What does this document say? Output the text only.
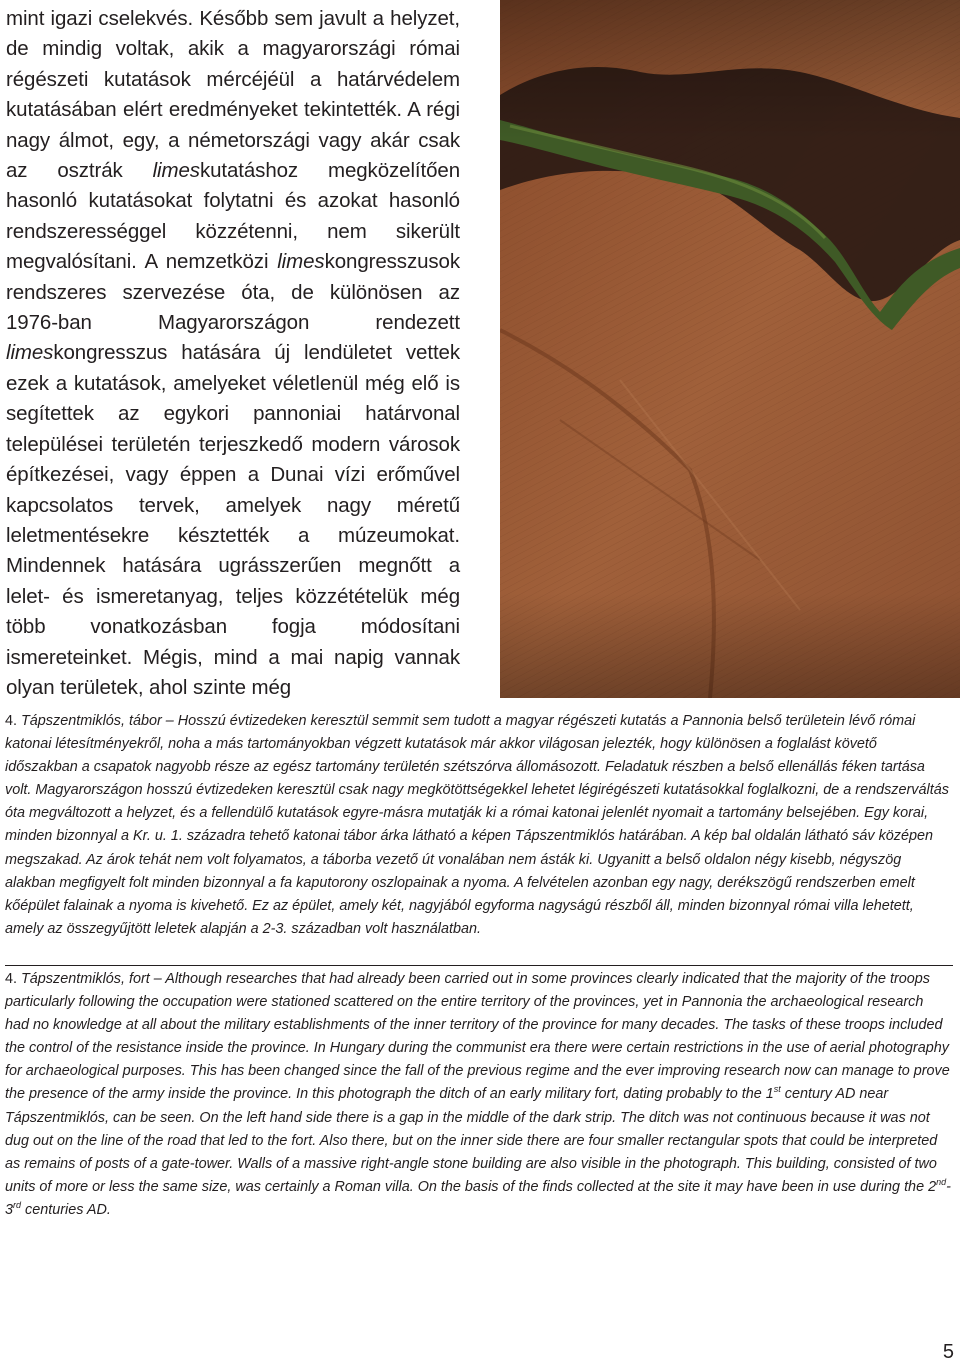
mint igazi cselekvés. Később sem javult a helyzet, de mindig voltak, akik a magyarországi római régészeti kutatások mércéjéül a határvédelem kutatásában elért eredményeket tekintették. A régi nagy álmot, egy, a németországi vagy akár csak az osztrák limeskutatáshoz megközelítően hasonló kutatásokat folytatni és azokat hasonló rendszerességgel közzétenni, nem sikerült megvalósítani. A nemzetközi limeskongresszusok rendszeres szervezése óta, de különösen az 1976-ban Magyarországon rendezett limeskongresszus hatására új lendületet vettek ezek a kutatások, amelyeket véletlenül még elő is segítettek az egykori pannoniai határvonal települései területén terjeszkedő modern városok építkezései, vagy éppen a Dunai vízi erőművel kapcsolatos tervek, amelyek nagy méretű leletmentésekre késztették a múzeumokat. Mindennek hatására ugrásszerűen megnőtt a lelet- és ismeretanyag, teljes közzétételük még több vonatkozásban fogja módosítani ismereteinket. Mégis, mind a mai napig vannak olyan területek, ahol szinte még

4. Tápszentmiklós, tábor – Hosszú évtizedeken keresztül semmit sem tudott a magyar régészeti kutatás a Pannonia belső területein lévő római katonai létesítményekről, noha a más tartományokban végzett kutatások már akkor világosan jelezték, hogy különösen a foglalást követő időszakban a csapatok nagyobb része az egész tartomány területén szétszórva állomásozott. Feladatuk részben a belső ellenállás féken tartása volt. Magyarországon hosszú évtizedeken keresztül csak nagy megkötöttségekkel lehetet légirégészeti kutatásokkal foglalkozni, de a rendszerváltás óta megváltozott a helyzet, és a fellendülő kutatások egyre-másra mutatják ki a római katonai jelenlét nyomait a tartomány belsejében. Egy korai, minden bizonnyal a Kr. u. 1. századra tehető katonai tábor árka látható a képen Tápszentmiklós határában. A kép bal oldalán látható sáv középen megszakad. Az árok tehát nem volt folyamatos, a táborba vezető út vonalában nem ásták ki. Ugyanitt a belső oldalon négy kisebb, négyszög alakban megfigyelt folt minden bizonnyal a fa kaputorony oszlopainak a nyoma. A felvételen azonban egy nagy, derékszögű rendszerben emelt kőépület falainak a nyoma is kivehető. Ez az épület, amely két, nagyjából egyforma nagyságú részből áll, minden bizonnyal római villa lehetett, amely az összegyűjtött leletek alapján a 2-3. században volt használatban.

4. Tápszentmiklós, fort – Although researches that had already been carried out in some provinces clearly indicated that the majority of the troops particularly following the occupation were stationed scattered on the entire territory of the provinces, yet in Pannonia the archaeological research had no knowledge at all about the military establishments of the inner territory of the province for many decades. The tasks of these troops included the control of the resistance inside the province. In Hungary during the communist era there were certain restrictions in the use of aerial photography for archaeological purposes. This has been changed since the fall of the previous regime and the ever improving research now can manage to prove the presence of the army inside the province. In this photograph the ditch of an early military fort, dating probably to the 1st century AD near Tápszentmiklós, can be seen. On the left hand side there is a gap in the middle of the dark strip. The ditch was not continuous because it was not dug out on the line of the road that led to the fort. Also there, but on the inner side there are four smaller rectangular spots that could be interpreted as remains of posts of a gate-tower. Walls of a massive right-angle stone building are also visible in the photograph. This building, consisted of two units of more or less the same size, was certainly a Roman villa. On the basis of the finds collected at the site it may have been in use during the 2nd-3rd centuries AD.

5
